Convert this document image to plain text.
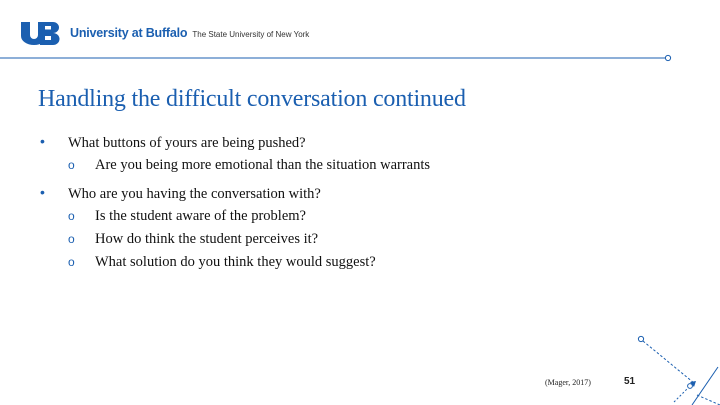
University at Buffalo The State University of New York
Handling the difficult conversation continued
• What buttons of yours are being pushed?
o Are you being more emotional than the situation warrants
• Who are you having the conversation with?
o Is the student aware of the problem?
o How do think the student perceives it?
o What solution do you think they would suggest?
(Mager, 2017)	51
